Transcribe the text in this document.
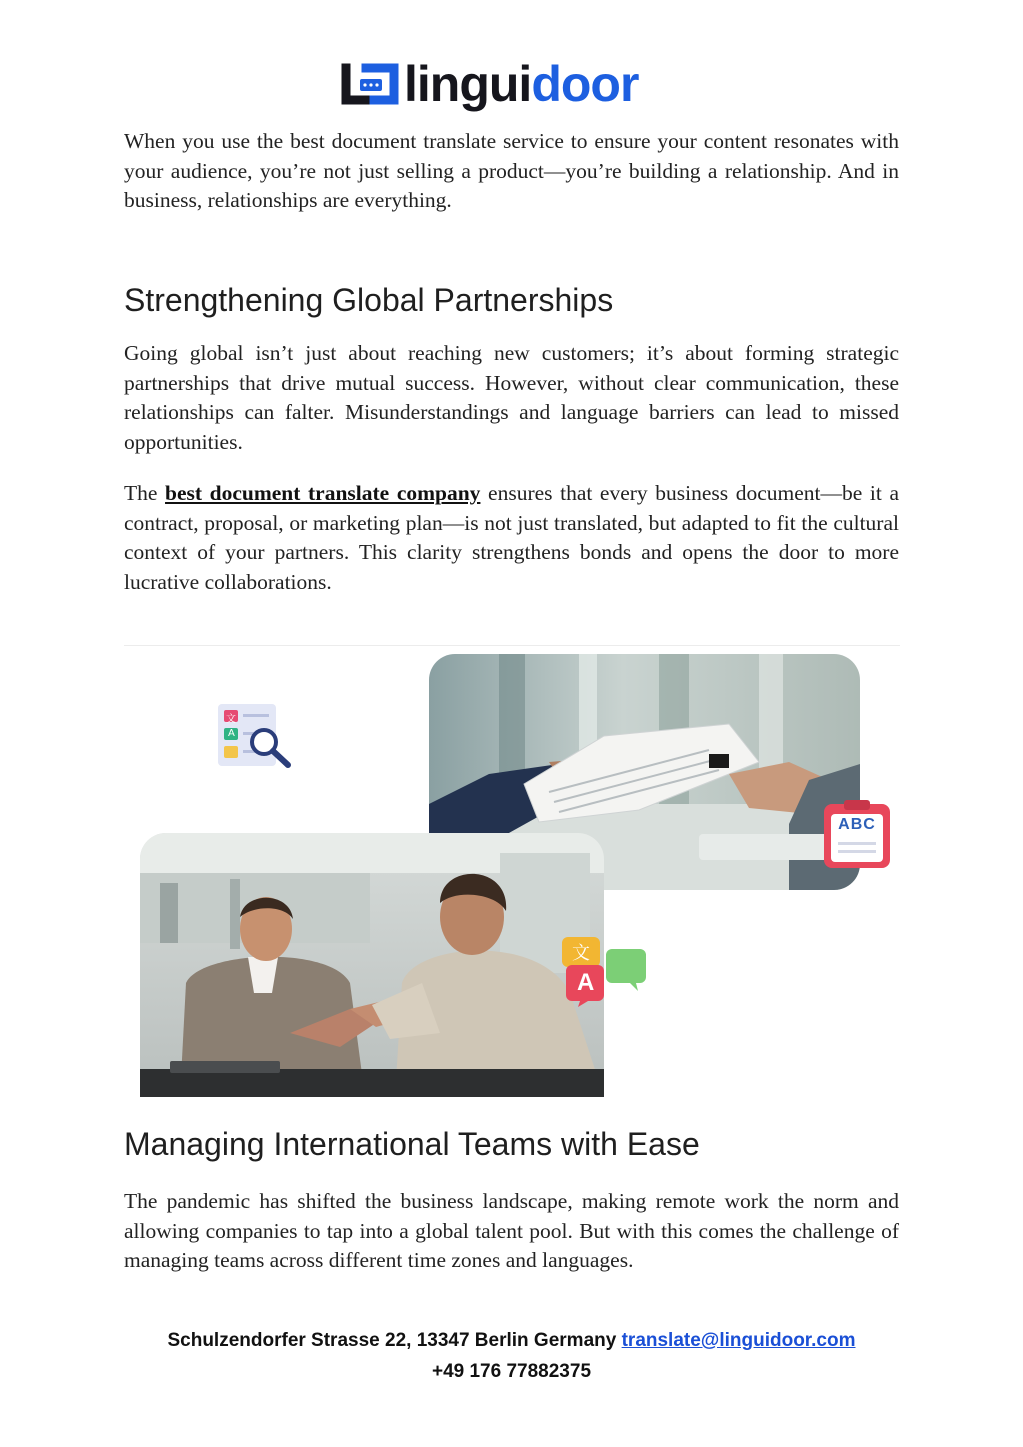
linguidoor

When you use the best document translate service to ensure your content resonates with your audience, you’re not just selling a product—you’re building a relationship. And in business, relationships are everything.

Strengthening Global Partnerships

Going global isn’t just about reaching new customers; it’s about forming strategic partnerships that drive mutual success. However, without clear communication, these relationships can falter. Misunderstandings and language barriers can lead to missed opportunities.

The best document translate company ensures that every business document—be it a contract, proposal, or marketing plan—is not just translated, but adapted to fit the cultural context of your partners. This clarity strengthens bonds and opens the door to more lucrative collaborations.

文
A
ABC
文
A
Managing International Teams with Ease

The pandemic has shifted the business landscape, making remote work the norm and allowing companies to tap into a global talent pool. But with this comes the challenge of managing teams across different time zones and languages.

Schulzendorfer Strasse 22, 13347 Berlin Germany translate@linguidoor.com
+49 176 77882375
